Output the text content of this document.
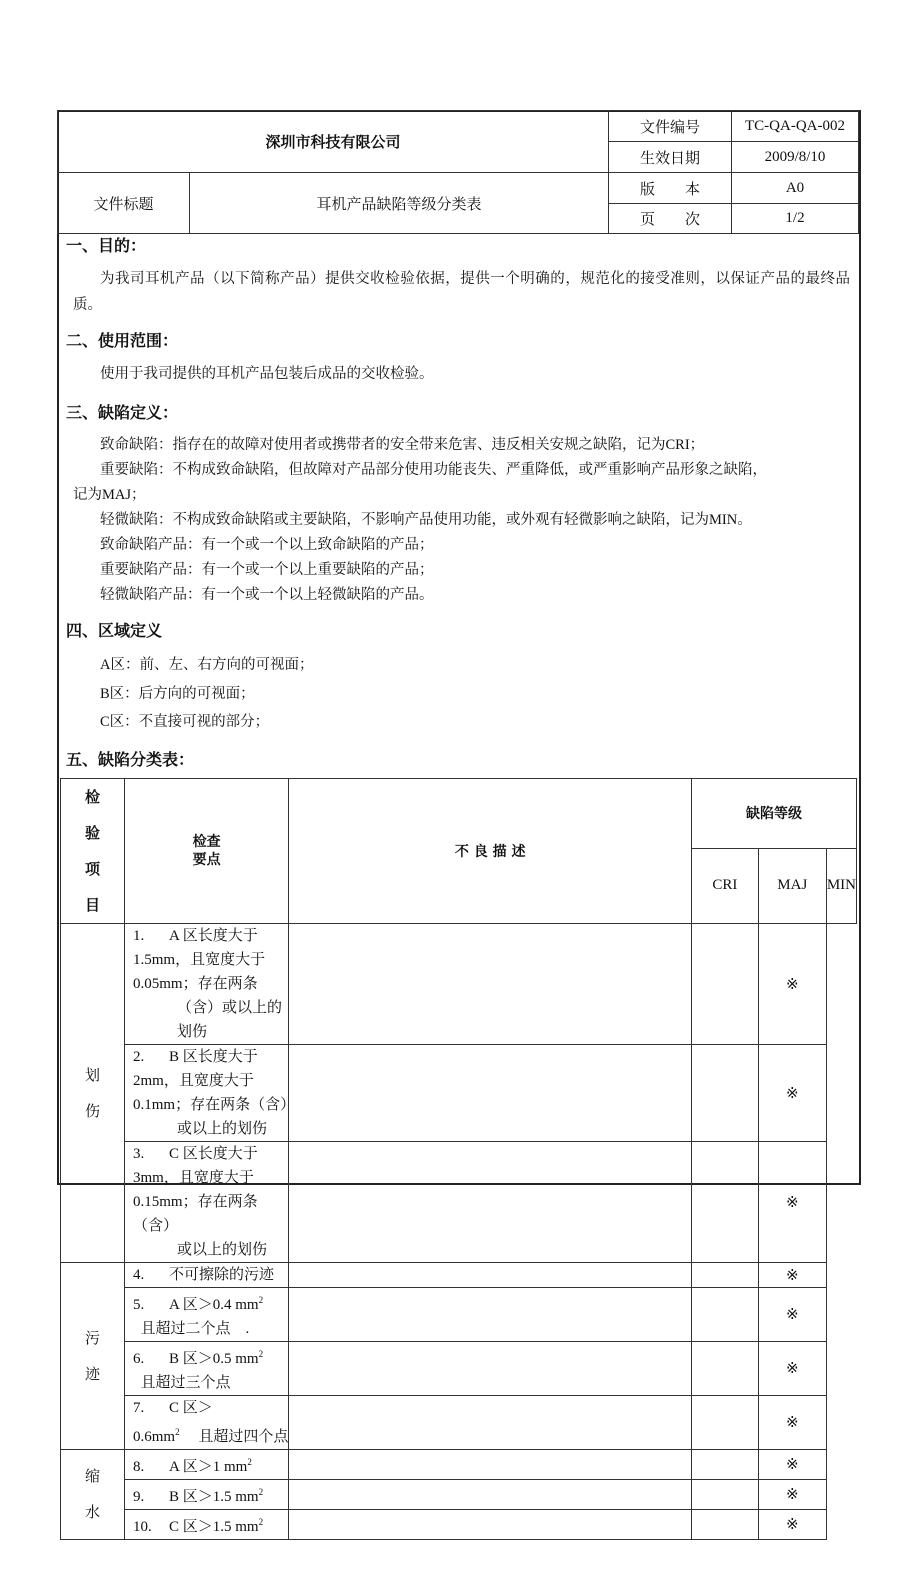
深圳市科技有限公司		文件编号	TC-QA-QA-002
		生效日期	2009/8/10
文件标题	耳机产品缺陷等级分类表	版　　本	A0
		页　　次	1/2
一、目的：
为我司耳机产品（以下简称产品）提供交收检验依据，提供一个明确的，规范化的接受准则，以保证产品的最终品质。
二、使用范围：
使用于我司提供的耳机产品包装后成品的交收检验。
三、缺陷定义：
致命缺陷：指存在的故障对使用者或携带者的安全带来危害、违反相关安规之缺陷，记为CRI；
重要缺陷：不构成致命缺陷，但故障对产品部分使用功能丧失、严重降低，或严重影响产品形象之缺陷，
记为MAJ；
轻微缺陷：不构成致命缺陷或主要缺陷，不影响产品使用功能，或外观有轻微影响之缺陷，记为MIN。
致命缺陷产品：有一个或一个以上致命缺陷的产品；
重要缺陷产品：有一个或一个以上重要缺陷的产品；
轻微缺陷产品：有一个或一个以上轻微缺陷的产品。
四、区域定义
A区：前、左、右方向的可视面；
B区：后方向的可视面；
C区：不直接可视的部分；
五、缺陷分类表：
检验项目	检查要点	不 良 描 述	缺陷等级		
			CRI	MAJ	MIN
划伤	1. A 区长度大于 1.5mm，且宽度大于 0.05mm；存在两条
（含）或以上的划伤			※	
	2. B 区长度大于 2mm，且宽度大于 0.1mm；存在两条（含）
或以上的划伤			※	
	3. C 区长度大于 3mm，且宽度大于 0.15mm；存在两条（含）
或以上的划伤			※	
污迹	4. 不可擦除的污迹			※	
	5. A 区＞0.4 $mm^2$  且超过二个点　.			※	
	6. B 区＞0.5 $mm^2$  且超过三个点			※	
	7. C 区$>0.6mm^2$　 且超过四个点			※	
缩水	8. A 区＞1 $mm^2$			※	
	9. B 区＞1.5 $mm^2$			※	
	10. C 区＞1.5 $mm^2$			※	
